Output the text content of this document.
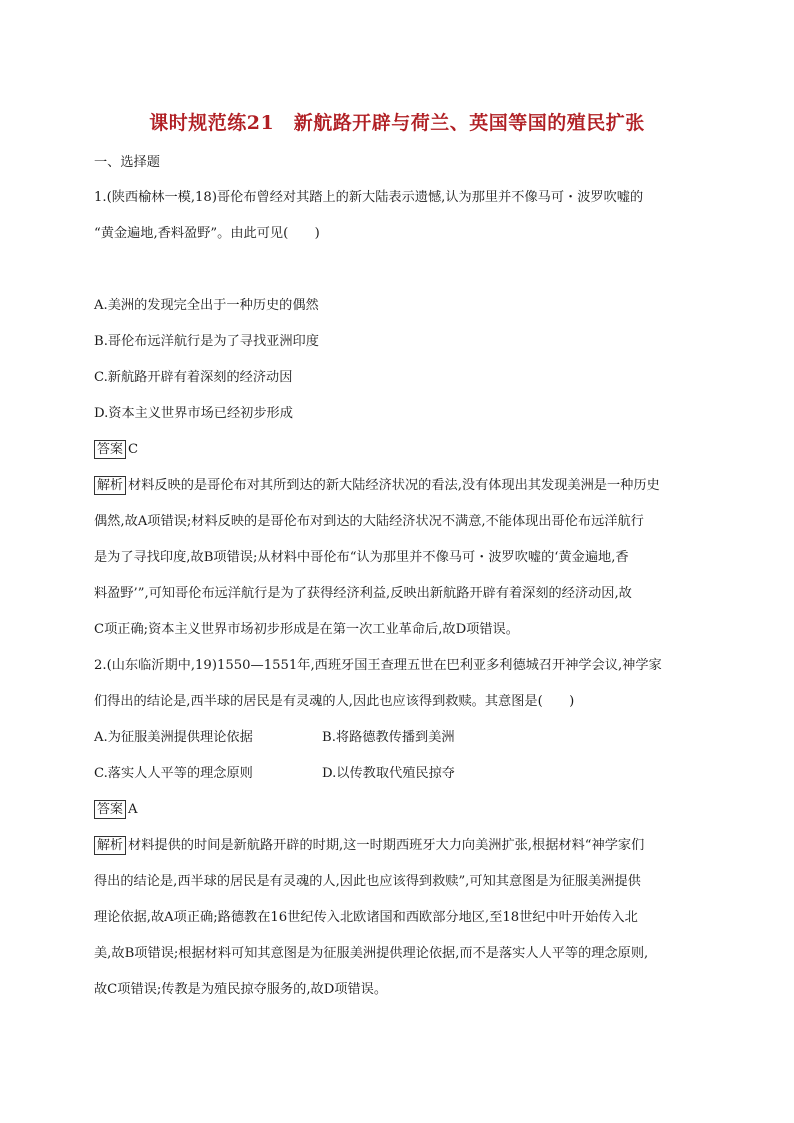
课时规范练21　新航路开辟与荷兰、英国等国的殖民扩张
一、选择题
1.(陕西榆林一模,18)哥伦布曾经对其踏上的新大陆表示遗憾,认为那里并不像马可・波罗吹嘘的
“黄金遍地,香料盈野”。由此可见(　　)
A.美洲的发现完全出于一种历史的偶然
B.哥伦布远洋航行是为了寻找亚洲印度
C.新航路开辟有着深刻的经济动因
D.资本主义世界市场已经初步形成
答案 C
解析 材料反映的是哥伦布对其所到达的新大陆经济状况的看法,没有体现出其发现美洲是一种历史
偶然,故A项错误;材料反映的是哥伦布对到达的大陆经济状况不满意,不能体现出哥伦布远洋航行
是为了寻找印度,故B项错误;从材料中哥伦布“认为那里并不像马可・波罗吹嘘的‘黄金遍地,香
料盈野’”,可知哥伦布远洋航行是为了获得经济利益,反映出新航路开辟有着深刻的经济动因,故
C项正确;资本主义世界市场初步形成是在第一次工业革命后,故D项错误。
2.(山东临沂期中,19)1550—1551年,西班牙国王查理五世在巴利亚多利德城召开神学会议,神学家
们得出的结论是,西半球的居民是有灵魂的人,因此也应该得到救赎。其意图是(　　)
A.为征服美洲提供理论依据	B.将路德教传播到美洲
C.落实人人平等的理念原则	D.以传教取代殖民掠夺
答案 A
解析 材料提供的时间是新航路开辟的时期,这一时期西班牙大力向美洲扩张,根据材料“神学家们
得出的结论是,西半球的居民是有灵魂的人,因此也应该得到救赎”,可知其意图是为征服美洲提供
理论依据,故A项正确;路德教在16世纪传入北欧诸国和西欧部分地区,至18世纪中叶开始传入北
美,故B项错误;根据材料可知其意图是为征服美洲提供理论依据,而不是落实人人平等的理念原则,
故C项错误;传教是为殖民掠夺服务的,故D项错误。
